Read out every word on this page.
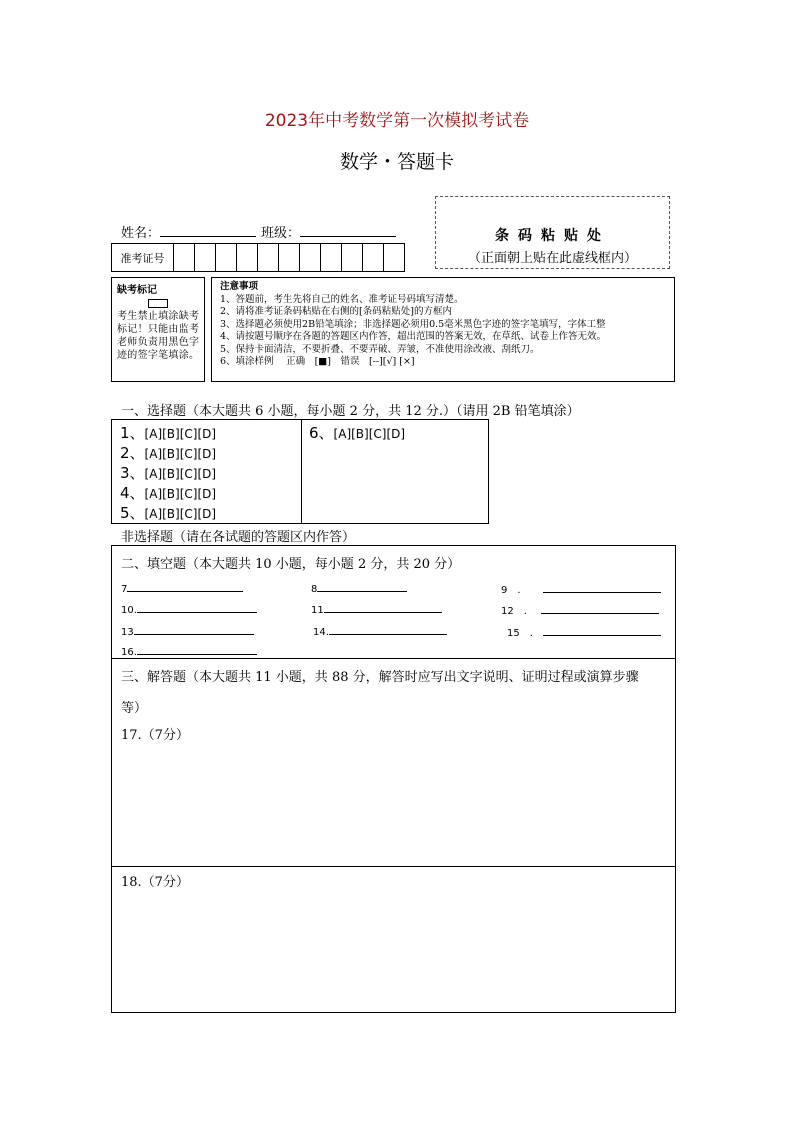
2023年中考数学第一次模拟考试卷
数学・答题卡
姓名：	班级：
准考证号											
条码粘贴处
（正面朝上贴在此虚线框内）
缺考标记
考生禁止填涂缺考标记！只能由监考老师负责用黑色字迹的签字笔填涂。
注意事项
1、答题前，考生先将自己的姓名、准考证号码填写清楚。
2、请将准考证条码粘贴在右侧的[条码粘贴处]的方框内
3、选择题必须使用2B铅笔填涂；非选择题必须用0.5毫米黑色字迹的签字笔填写，字体工整
4、请按题号顺序在各题的答题区内作答，超出范围的答案无效，在草纸、试卷上作答无效。
5、保持卡面清洁，不要折叠、不要弄破、弄皱，不准使用涂改液、刮纸刀。
6、填涂样例　 正确　[■]　错误　[--][√] [×]
一、选择题（本大题共 6 小题，每小题 2 分，共 12 分.）（请用 2B 铅笔填涂）
1、[A][B][C][D]
2、[A][B][C][D]
3、[A][B][C][D]
4、[A][B][C][D]
5、[A][B][C][D]
6、[A][B][C][D]
非选择题（请在各试题的答题区内作答）
二、填空题（本大题共 10 小题，每小题 2 分，共 20 分）
7	8	9　.
10.	11	12　.
13	14.	15　.
16.
三、解答题（本大题共 11 小题，共 88 分，解答时应写出文字说明、证明过程或演算步骤
等）
17.（7分）
18.（7分）
